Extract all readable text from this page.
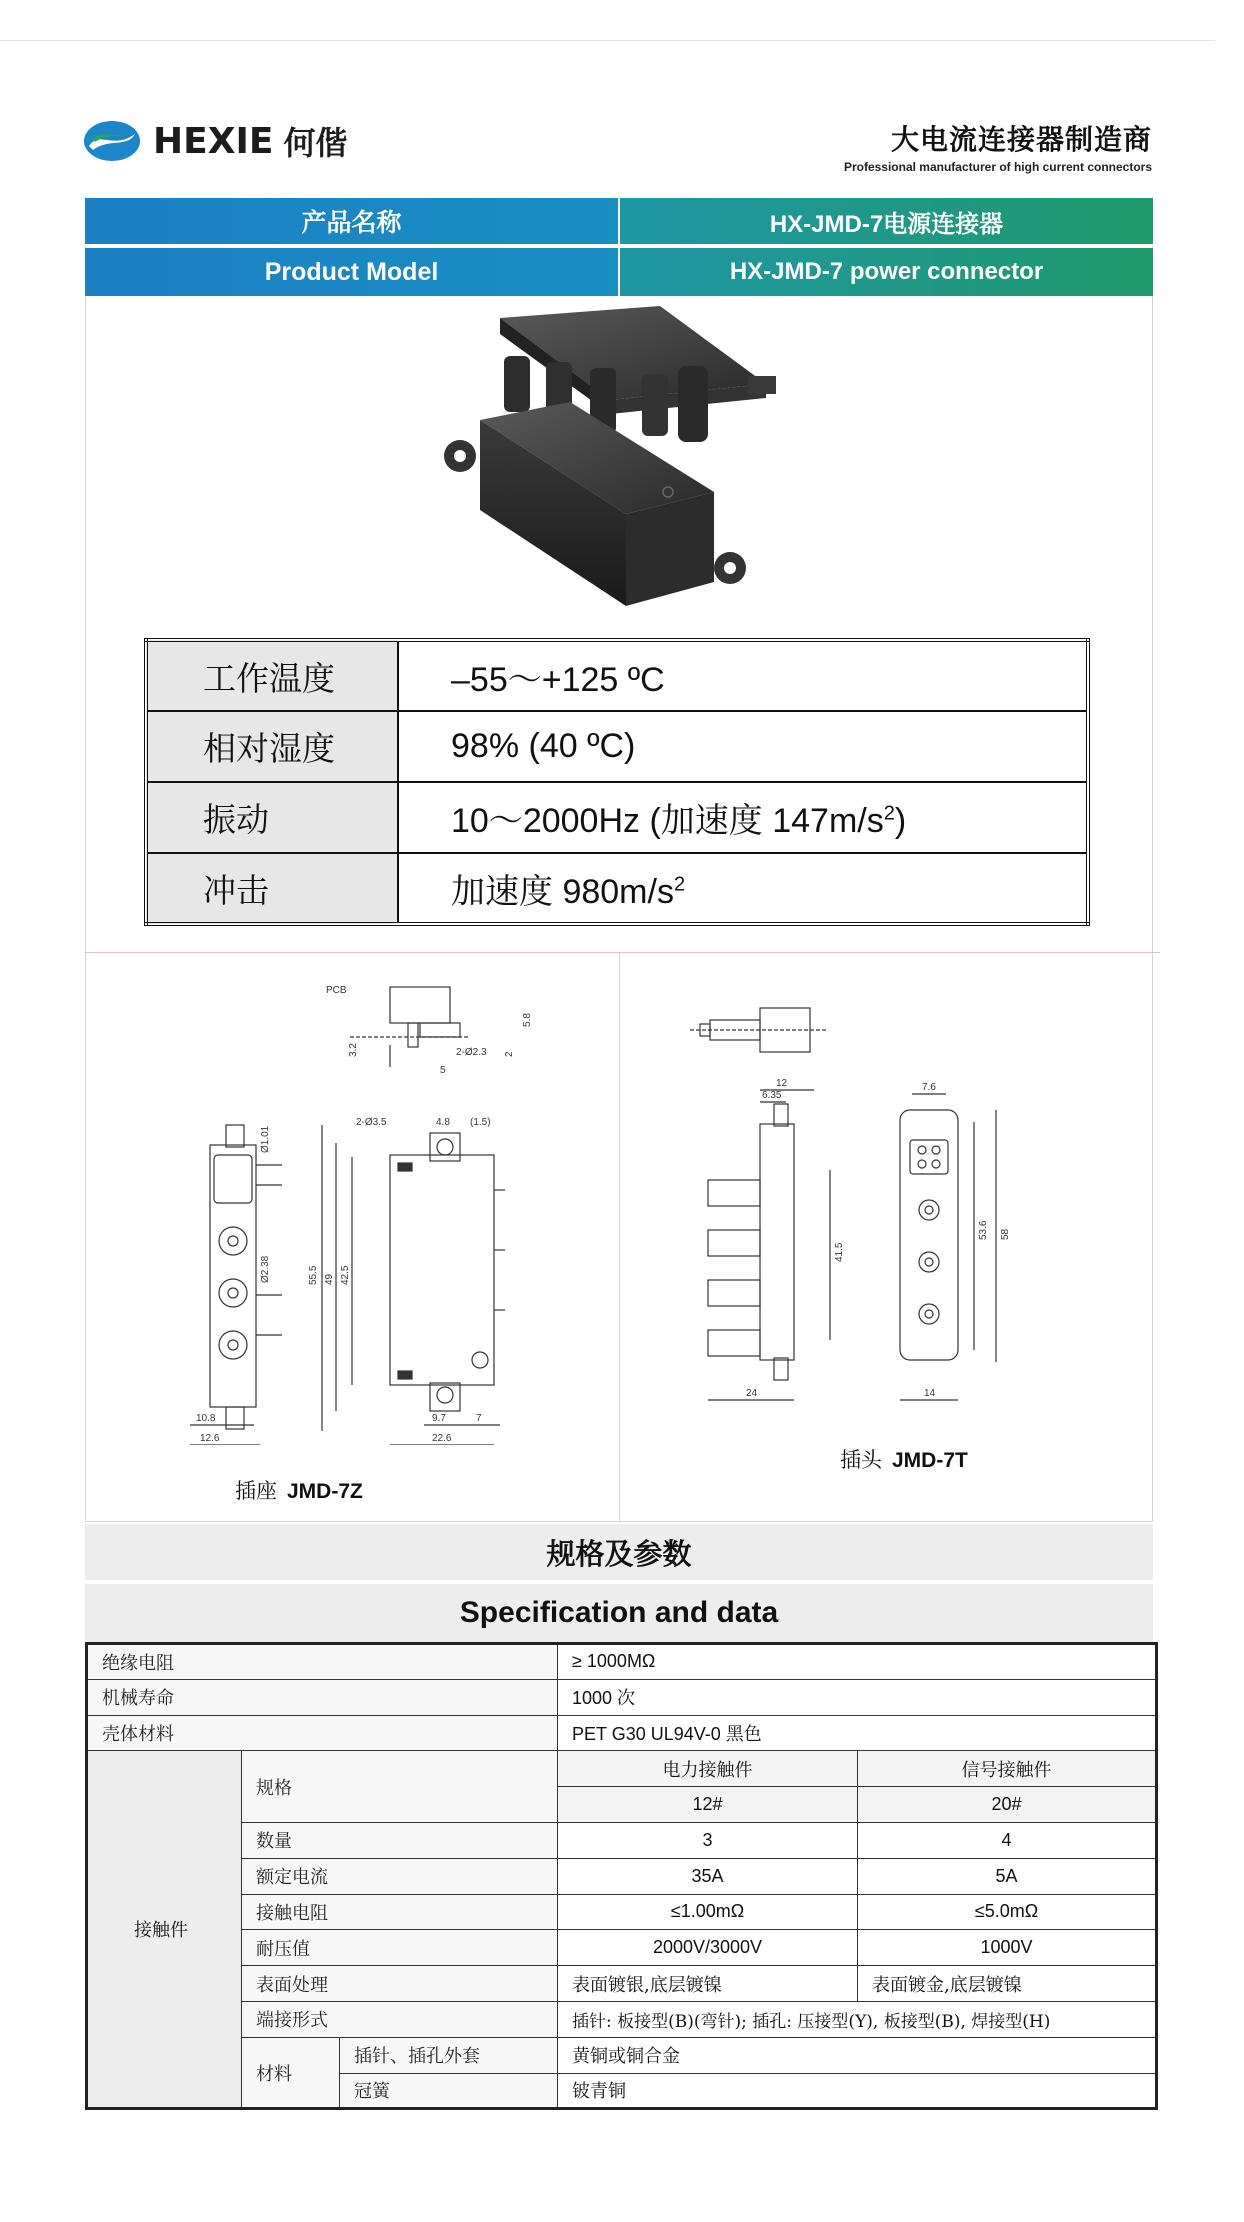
HEXIE 何偕	大电流连接器制造商
Professional manufacturer of high current connectors
产品名称	HX-JMD-7电源连接器
Product Model	HX-JMD-7 power connector
工作温度	–55～+125 ºC
相对湿度	98% (40 ºC)
振动	10～2000Hz (加速度 $147m/s^2$)
冲击	加速度 $980m/s^2$
PCB
3.2
5
2-Ø2.3
5.8
2
2-Ø3.5	4.8 (1.5)
Ø1.01
Ø2.38	55.5 49 42.5
10.8
12.6
9.7	7
22.6
插座 JMD-7Z
12
6.35
41.5
24
7.6
53.6 58
14
插头 JMD-7T
规格及参数
Specification and data
绝缘电阻			≥ 1000MΩ	
机械寿命			1000 次	
壳体材料			PET G30 UL94V-0 黑色	
接触件	规格		电力接触件	信号接触件
			12#	20#
	数量		3	4
	额定电流		35A	5A
	接触电阻		≤1.00mΩ	≤5.0mΩ
	耐压值		2000V/3000V	1000V
	表面处理		表面镀银,底层镀镍	表面镀金,底层镀镍
	端接形式		插针: 板接型(B)(弯针); 插孔: 压接型(Y), 板接型(B), 焊接型(H)	
	材料	插针、插孔外套	黄铜或铜合金	
		冠簧	铍青铜	
